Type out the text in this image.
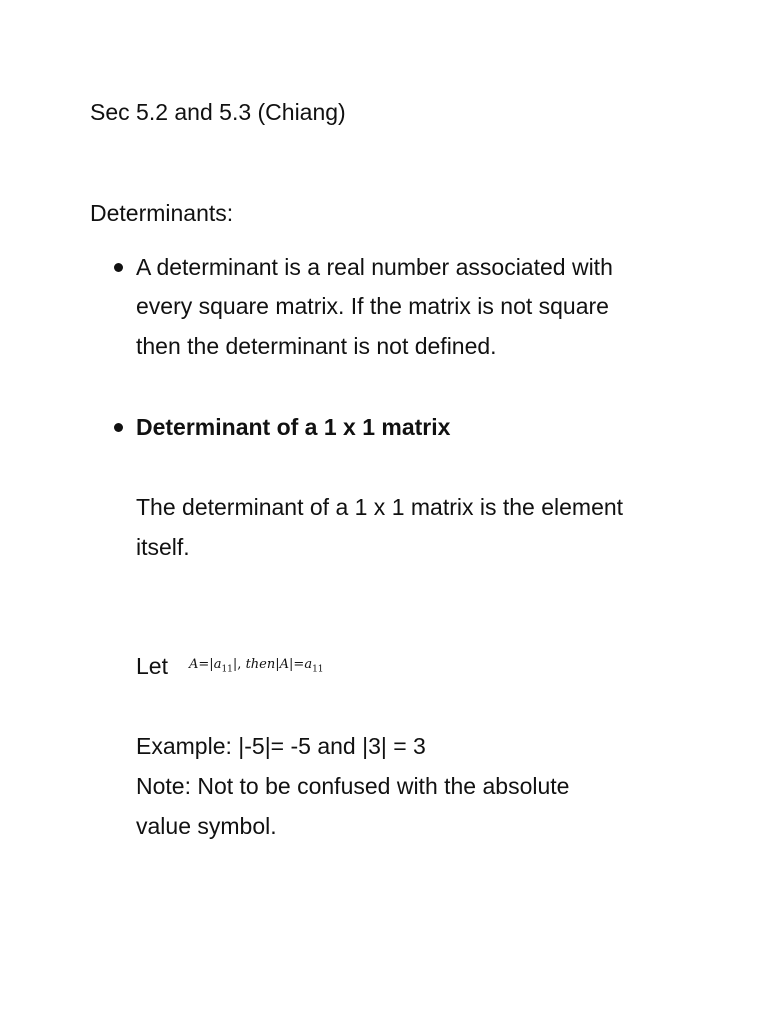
Sec 5.2 and 5.3 (Chiang)
Determinants:
A determinant is a real number associated with
every square matrix. If the matrix is not square
then the determinant is not defined.
Determinant of a 1 x 1 matrix
The determinant of a 1 x 1 matrix is the element
itself.
Let $A=|a_{11}|$, $then|A|=a_{11}$
Example: |-5|= -5 and |3| = 3
Note: Not to be confused with the absolute
value symbol.
